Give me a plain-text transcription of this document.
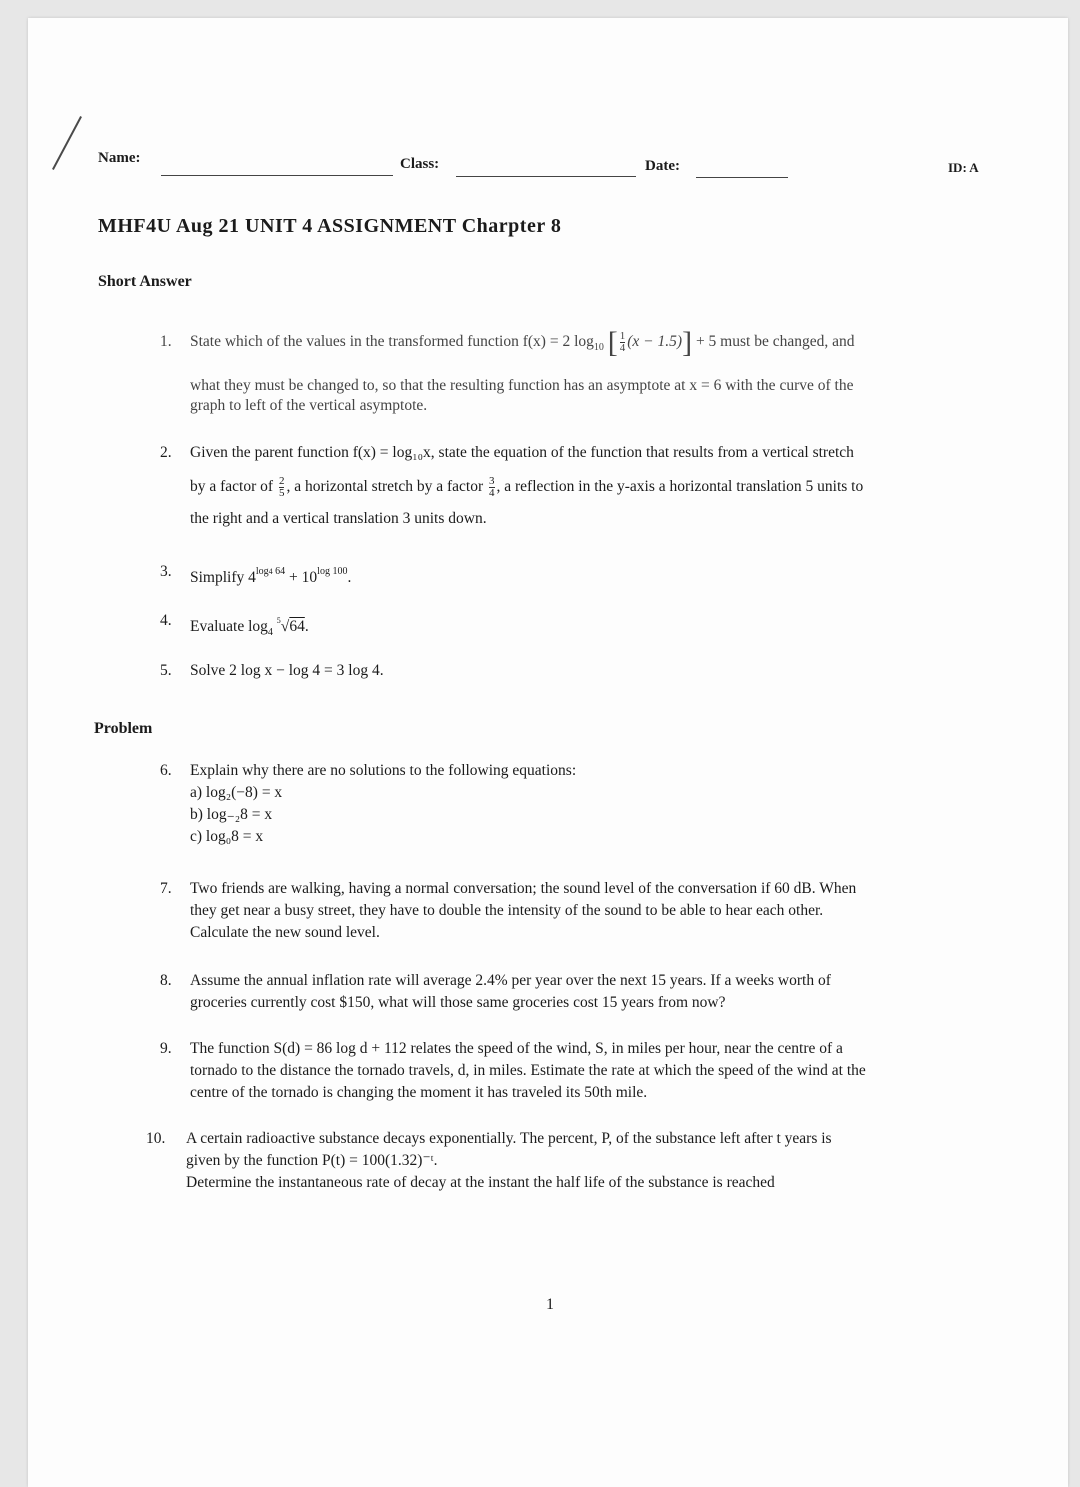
Name:	Class:	Date:	ID: A
MHF4U Aug 21 UNIT 4 ASSIGNMENT Charpter 8
Short Answer
1. State which of the values in the transformed function f(x) = 2 $\log_{10}$ [ $\frac{1}{4} (x - 1.5)] + 5$ must be changed, and
what they must be changed to, so that the resulting function has an asymptote at x = 6 with the curve of the
graph to left of the vertical asymptote.
2. Given the parent function f(x) = log₁₀x, state the equation of the function that results from a vertical stretch
by a factor of $\frac{2}{5}$ , a horizontal stretch by a factor $\frac{3}{4}$ , a reflection in the y-axis a horizontal translation 5 units to
the right and a vertical translation 3 units down.
3. Simplify $4^{log4 64} + 10^{log 100}$.
4. Evaluate $\log_4 ^5√64$.
5. Solve 2 log x − log 4 = 3 log 4.
Problem
6. Explain why there are no solutions to the following equations:
a) log₂(−8) = x
b) log₋₂8 = x
c) log₀8 = x
7. Two friends are walking, having a normal conversation; the sound level of the conversation if 60 dB. When
they get near a busy street, they have to double the intensity of the sound to be able to hear each other.
Calculate the new sound level.
8. Assume the annual inflation rate will average 2.4% per year over the next 15 years. If a weeks worth of
groceries currently cost $150, what will those same groceries cost 15 years from now?
9. The function S(d) = 86 log d + 112 relates the speed of the wind, S, in miles per hour, near the centre of a
tornado to the distance the tornado travels, d, in miles. Estimate the rate at which the speed of the wind at the
centre of the tornado is changing the moment it has traveled its 50th mile.
10. A certain radioactive substance decays exponentially. The percent, P, of the substance left after t years is
given by the function P(t) = 100(1.32)⁻ᵗ.
Determine the instantaneous rate of decay at the instant the half life of the substance is reached
1
